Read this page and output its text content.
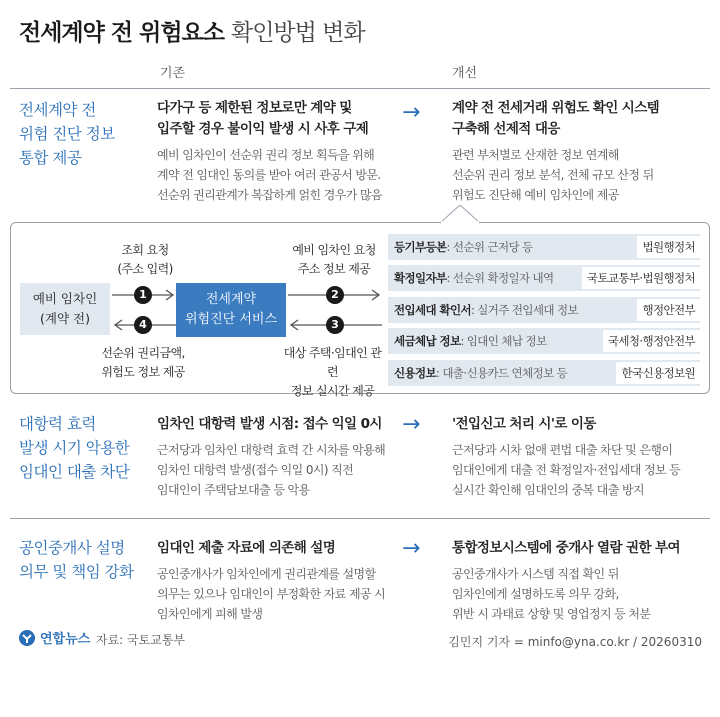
전세계약 전 위험요소 확인방법 변화
기존	개선
전세계약 전
위험 진단 정보
통합 제공
다가구 등 제한된 정보로만 계약 및
입주할 경우 불이익 발생 시 사후 구제
예비 임차인이 선순위 권리 정보 획득을 위해
계약 전 임대인 동의를 받아 여러 관공서 방문.
선순위 권리관계가 복잡하게 얽힌 경우가 많음
→ 계약 전 전세거래 위험도 확인 시스템
구축해 선제적 대응
관련 부처별로 산재한 정보 연계해
선순위 권리 정보 분석, 전체 규모 산정 뒤
위험도 진단해 예비 임차인에 제공
예비 임차인
(계약 전)
전세계약
위험진단 서비스
조회 요청
(주소 입력)
예비 임차인 요청
주소 정보 제공
대상 주택·임대인 관련
정보 실시간 제공
선순위 권리금액,
위험도 정보 제공
1
4
2
3
등기부등본: 선순위 근저당 등	법원행정처
확정일자부: 선순위 확정일자 내역	국토교통부·법원행정처
전입세대 확인서: 실거주 전입세대 정보	행정안전부
세금체납 정보: 임대인 체납 정보	국세청·행정안전부
신용정보: 대출·신용카드 연체정보 등	한국신용정보원
대항력 효력
발생 시기 악용한
임대인 대출 차단
임차인 대항력 발생 시점: 접수 익일 0시
근저당과 임차인 대항력 효력 간 시차를 악용해
임차인 대항력 발생(접수 익일 0시) 직전
임대인이 주택담보대출 등 악용
→ '전입신고 처리 시'로 이동
근저당과 시차 없애 편법 대출 차단 및 은행이
임대인에게 대출 전 확정일자·전입세대 정보 등
실시간 확인해 임대인의 중복 대출 방지
공인중개사 설명
의무 및 책임 강화
임대인 제출 자료에 의존해 설명
공인중개사가 임차인에게 권리관계를 설명할
의무는 있으나 임대인이 부정확한 자료 제공 시
임차인에게 피해 발생
→ 통합정보시스템에 중개사 열람 권한 부여
공인중개사가 시스템 직접 확인 뒤
임차인에게 설명하도록 의무 강화,
위반 시 과태료 상향 및 영업정지 등 처분
연합뉴스 자료: 국토교통부	김민지 기자 = minfo@yna.co.kr / 20260310
